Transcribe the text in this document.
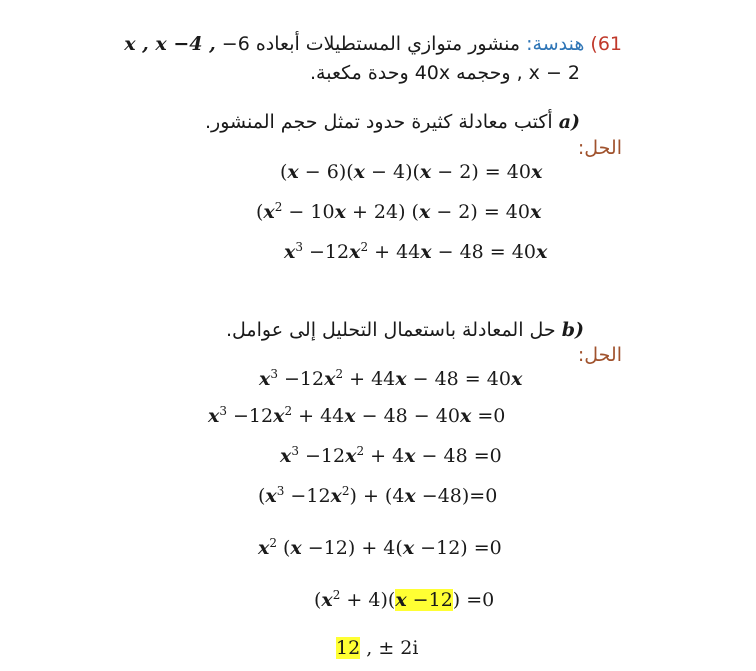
61) هندسة: منشور متوازي المستطيلات أبعاده 6− x , x −4 ,
x − 2 , وحجمه 40x وحدة مكعبة.
a) أكتب معادلة كثيرة حدود تمثل حجم المنشور.
الحل:
(x − 6)(x − 4)(x − 2) = 40x
$(x^2 - 10x + 24) (x - 2) = 40x$
$x^3 -12x^2 + 44x - 48 = 40x$
b) حل المعادلة باستعمال التحليل إلى عوامل.
الحل:
$x^3 -12x^2 + 44x - 48 = 40x$
$x^3 -12x^2 + 44x - 48 - 40x =0$
$x^3 -12x^2 + 4x - 48 =0$
$(x^3 -12x^2) + (4x -48)=0$
$x^2$ (x −12) + 4(x −12) =0
$(x^2 + 4)(x -12) =0$
12 , ± 2i
